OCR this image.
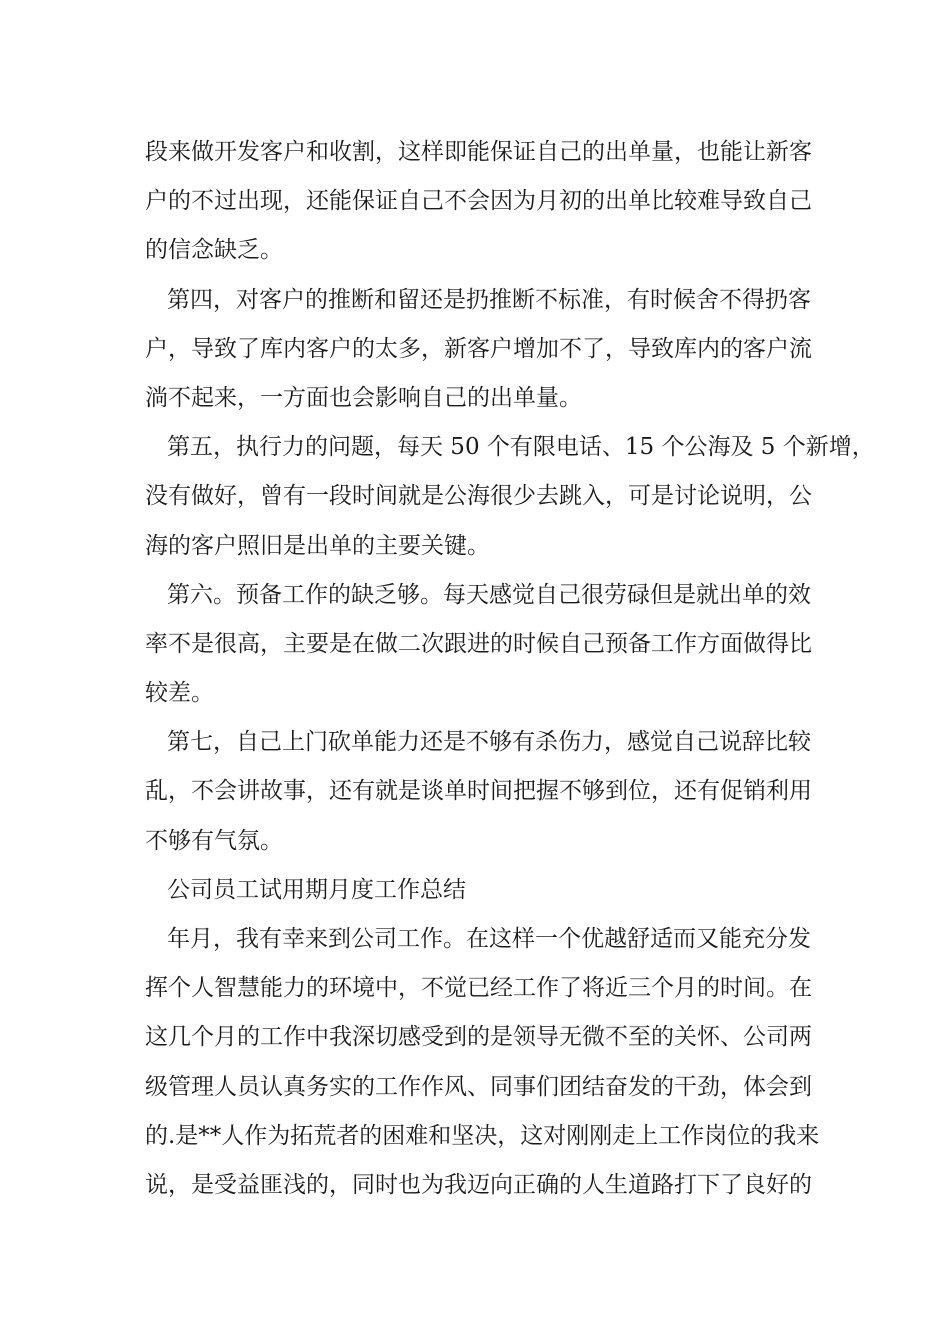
段来做开发客户和收割，这样即能保证自己的出单量，也能让新客
户的不过出现，还能保证自己不会因为月初的出单比较难导致自己
的信念缺乏。
第四，对客户的推断和留还是扔推断不标准，有时候舍不得扔客
户，导致了库内客户的太多，新客户增加不了，导致库内的客户流
淌不起来，一方面也会影响自己的出单量。
第五，执行力的问题，每天 50 个有限电话、15 个公海及 5 个新增，
没有做好，曾有一段时间就是公海很少去跳入，可是讨论说明，公
海的客户照旧是出单的主要关键。
第六。预备工作的缺乏够。每天感觉自己很劳碌但是就出单的效
率不是很高，主要是在做二次跟进的时候自己预备工作方面做得比
较差。
第七，自己上门砍单能力还是不够有杀伤力，感觉自己说辞比较
乱，不会讲故事，还有就是谈单时间把握不够到位，还有促销利用
不够有气氛。
公司员工试用期月度工作总结
年月，我有幸来到公司工作。在这样一个优越舒适而又能充分发
挥个人智慧能力的环境中，不觉已经工作了将近三个月的时间。在
这几个月的工作中我深切感受到的是领导无微不至的关怀、公司两
级管理人员认真务实的工作作风、同事们团结奋发的干劲，体会到
的.是**人作为拓荒者的困难和坚决，这对刚刚走上工作岗位的我来
说，是受益匪浅的，同时也为我迈向正确的人生道路打下了良好的
